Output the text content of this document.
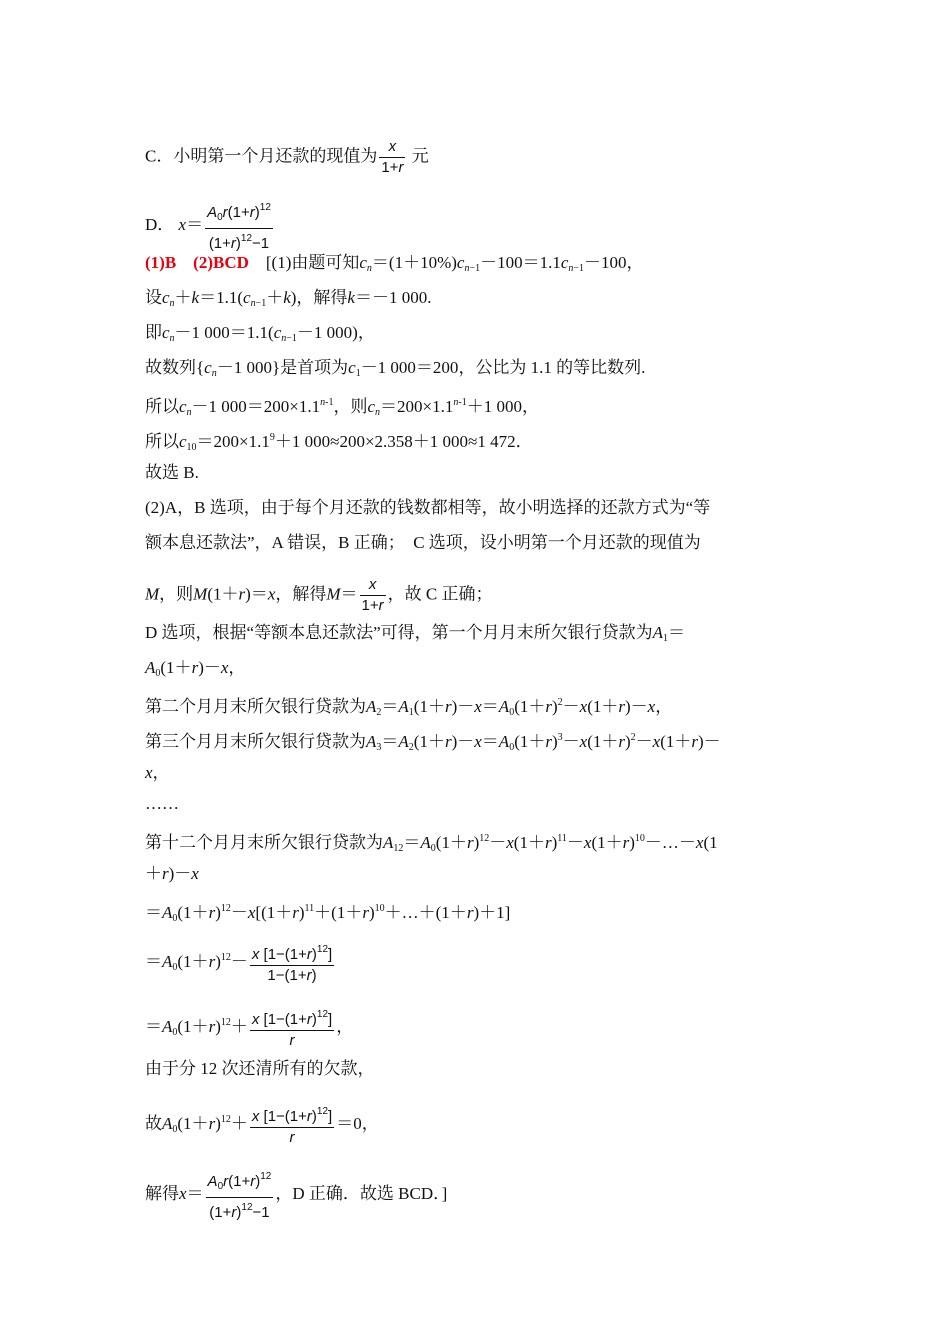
C．小明第一个月还款的现值为 $\frac{x}{1+r}$ 元
D． $x= \frac{A_0r(1+r)^{12}}{(1+r)^{12}-1}$
(1)B　 (2)BCD　 [(1)由题可知$c_n=(1+10\%)c_{n-1}-100=1.1c_{n-1}-100$，
设$c_n+k=1.1(c_{n-1}+k)$，解得k＝－1 000.
即$c_n-1$ $000=1.1(c_{n-1}-1$ 000)，
故数列{$c_n-1$ 000}是首项为$c_1-1$ 000＝200，公比为 1.1 的等比数列.
所以$c_n-1$ $000=200\times 1.1^{n-1}$，则$c_n=200\times 1.1^{n-1}+1$ 000，
所以$c_{10}=200\times 1.1^9+1$ 000≈200×2.358＋1 000≈1 472．
故选 B.
(2)A，B 选项，由于每个月还款的钱数都相等，故小明选择的还款方式为“等
额本息还款法”，A 错误，B 正确；　C 选项，设小明第一个月还款的现值为
M，则M(1＋r)＝x，解得$M= \frac{x}{1+r}$ ，故 C 正确；
D 选项，根据“等额本息还款法”可得，第一个月月末所欠银行贷款为$A_1=$
$A_0(1+r)-x$，
第二个月月末所欠银行贷款为$A_2=A_1(1+r)-x=A_0(1+r)^2-x(1+r)-x$，
第三个月月末所欠银行贷款为$A_3=A_2(1+r)-x=A_0(1+r)^3-x(1+r)^2-x(1+r)-$
x，
……
第十二个月月末所欠银行贷款为$A_{12}=A_0(1+r)^{12}-x(1+r)^{11}-x(1+r)^{10}-\dots-x(1$
＋r)－x
$=A_0(1+r)^{12}-x[(1+r)^{11}+(1+r)^{10}+\dots+(1+r)+1]$
$=A_0(1+r)^{12}- \frac{x [1-(1+r)^{12}]}{1-(1+r)}$
$=A_0(1+r)^{12}+ \frac{x [1-(1+r)^{12}]}{r}$ ，
由于分 12 次还清所有的欠款，
故$A_0(1+r)^{12}+ \frac{x [1-(1+r)^{12}]}{r} =0$，
解得$x= \frac{A_0r(1+r)^{12}}{(1+r)^{12}-1}$ ，D 正确．故选 BCD．]
